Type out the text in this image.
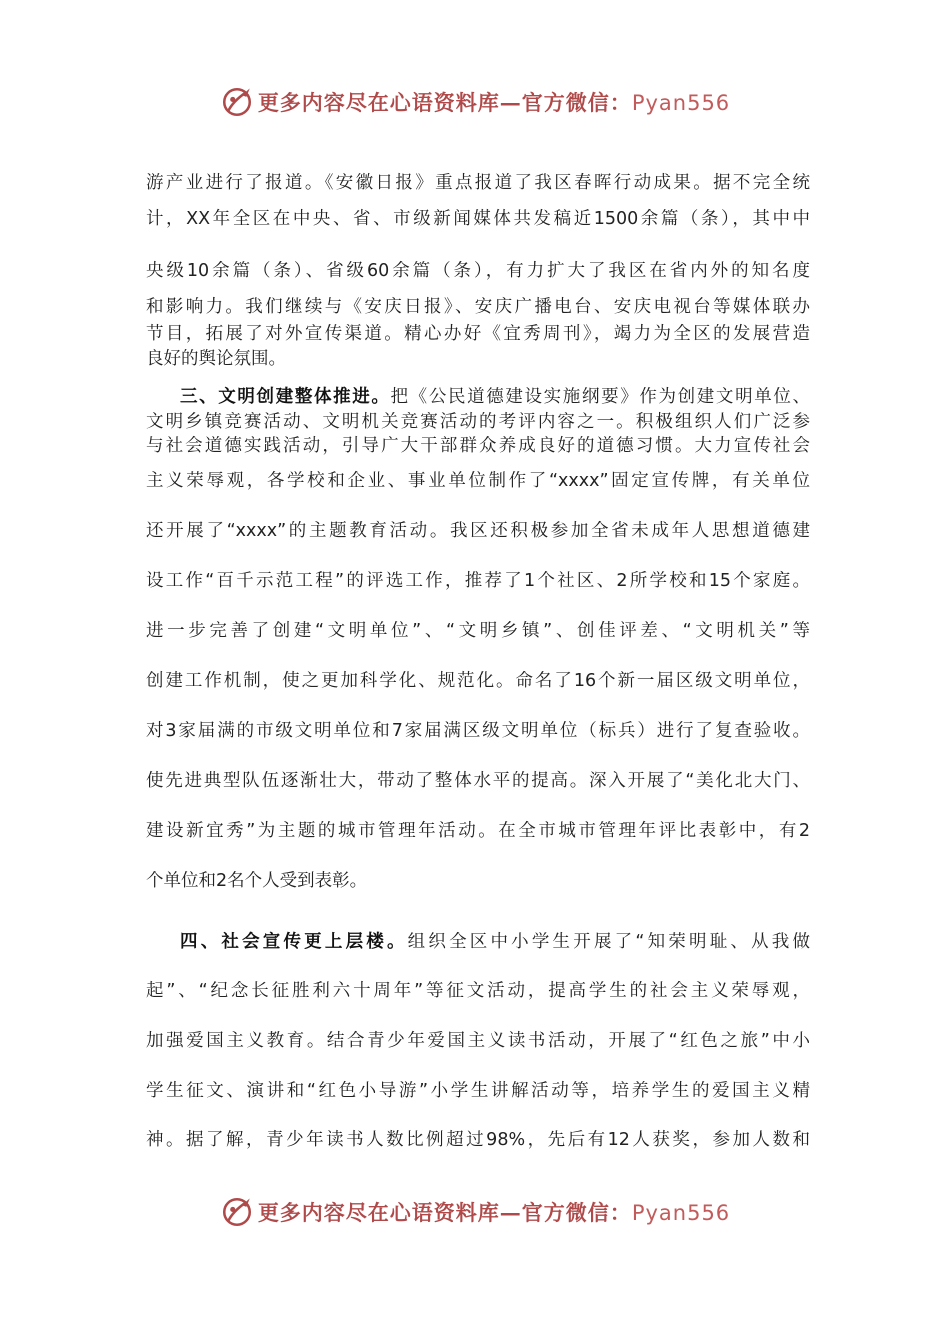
更多内容尽在心语资料库—官方微信：Pyan556
游产业进行了报道。《安徽日报》重点报道了我区春晖行动成果。据不完全统
计，XX年全区在中央、省、市级新闻媒体共发稿近1500余篇（条），其中中
央级10余篇（条）、省级60余篇（条），有力扩大了我区在省内外的知名度
和影响力。我们继续与《安庆日报》、安庆广播电台、安庆电视台等媒体联办
节目，拓展了对外宣传渠道。精心办好《宜秀周刊》，竭力为全区的发展营造
良好的舆论氛围。
三、文明创建整体推进。把《公民道德建设实施纲要》作为创建文明单位、
文明乡镇竞赛活动、文明机关竞赛活动的考评内容之一。积极组织人们广泛参
与社会道德实践活动，引导广大干部群众养成良好的道德习惯。大力宣传社会
主义荣辱观，各学校和企业、事业单位制作了“xxxx”固定宣传牌，有关单位
还开展了“xxxx”的主题教育活动。我区还积极参加全省未成年人思想道德建
设工作“百千示范工程”的评选工作，推荐了1个社区、2所学校和15个家庭。
进一步完善了创建“文明单位”、“文明乡镇”、创佳评差、“文明机关”等
创建工作机制，使之更加科学化、规范化。命名了16个新一届区级文明单位，
对3家届满的市级文明单位和7家届满区级文明单位（标兵）进行了复查验收。
使先进典型队伍逐渐壮大，带动了整体水平的提高。深入开展了“美化北大门、
建设新宜秀”为主题的城市管理年活动。在全市城市管理年评比表彰中，有2
个单位和2名个人受到表彰。
四、社会宣传更上层楼。组织全区中小学生开展了“知荣明耻、从我做
起”、“纪念长征胜利六十周年”等征文活动，提高学生的社会主义荣辱观，
加强爱国主义教育。结合青少年爱国主义读书活动，开展了“红色之旅”中小
学生征文、演讲和“红色小导游”小学生讲解活动等，培养学生的爱国主义精
神。据了解，青少年读书人数比例超过98%，先后有12人获奖，参加人数和
更多内容尽在心语资料库—官方微信：Pyan556
